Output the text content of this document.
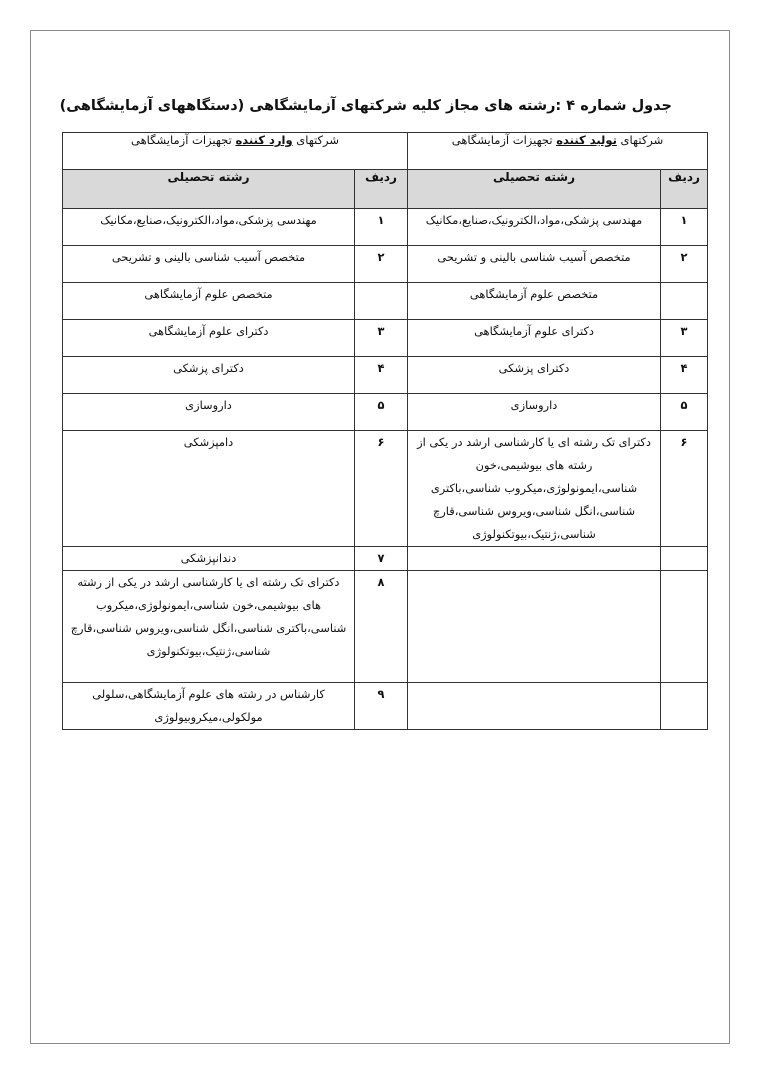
جدول شماره ۴ :رشته های مجاز کلیه شرکتهای آزمایشگاهی (دستگاههای آزمایشگاهی)
شرکتهای تولید کننده تجهیزات آزمایشگاهی		شرکتهای وارد کننده تجهیزات آزمایشگاهی	
ردیف	رشته تحصیلی	ردیف	رشته تحصیلی
۱	مهندسی پزشکی،مواد،الکترونیک،صنایع،مکانیک	۱	مهندسی پزشکی،مواد،الکترونیک،صنایع،مکانیک
۲	متخصص آسیب شناسی بالینی و تشریحی	۲	متخصص آسیب شناسی بالینی و تشریحی
	متخصص علوم آزمایشگاهی		متخصص علوم آزمایشگاهی
۳	دکترای علوم آزمایشگاهی	۳	دکترای علوم آزمایشگاهی
۴	دکترای پزشکی	۴	دکترای پزشکی
۵	داروسازی	۵	داروسازی
۶	دکترای تک رشته ای یا کارشناسی ارشد در یکی از رشته های بیوشیمی،خون شناسی،ایمونولوژی،میکروب شناسی،باکتری شناسی،انگل شناسی،ویروس شناسی،قارچ شناسی،ژنتیک،بیوتکنولوژی	۶	دامپزشکی
		۷	دندانپزشکی
		۸	دکترای تک رشته ای یا کارشناسی ارشد در یکی از رشته های بیوشیمی،خون شناسی،ایمونولوژی،میکروب شناسی،باکتری شناسی،انگل شناسی،ویروس شناسی،قارچ شناسی،ژنتیک،بیوتکنولوژی
		۹	کارشناس در رشته های علوم آزمایشگاهی،سلولی مولکولی،میکروبیولوژی
